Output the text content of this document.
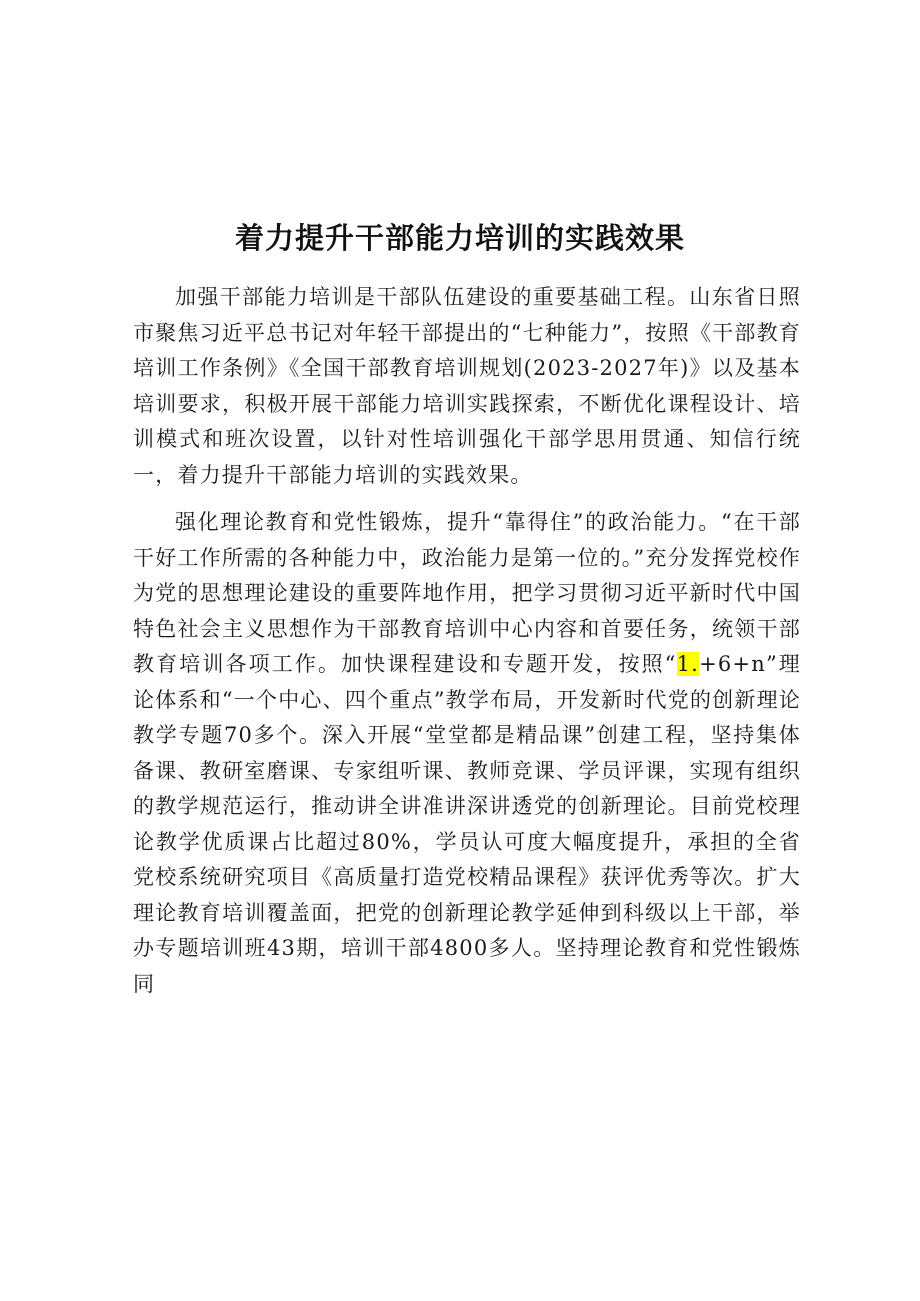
着力提升干部能力培训的实践效果

加强干部能力培训是干部队伍建设的重要基础工程。山东省日照市聚焦习近平总书记对年轻干部提出的“七种能力”，按照《干部教育培训工作条例》《全国干部教育培训规划(2023-2027年)》以及基本培训要求，积极开展干部能力培训实践探索，不断优化课程设计、培训模式和班次设置，以针对性培训强化干部学思用贯通、知信行统一，着力提升干部能力培训的实践效果。

强化理论教育和党性锻炼，提升“靠得住”的政治能力。“在干部干好工作所需的各种能力中，政治能力是第一位的。”充分发挥党校作为党的思想理论建设的重要阵地作用，把学习贯彻习近平新时代中国特色社会主义思想作为干部教育培训中心内容和首要任务，统领干部教育培训各项工作。加快课程建设和专题开发，按照“1.+6+n”理论体系和“一个中心、四个重点”教学布局，开发新时代党的创新理论教学专题70多个。深入开展“堂堂都是精品课”创建工程，坚持集体备课、教研室磨课、专家组听课、教师竞课、学员评课，实现有组织的教学规范运行，推动讲全讲准讲深讲透党的创新理论。目前党校理论教学优质课占比超过80%，学员认可度大幅度提升，承担的全省党校系统研究项目《高质量打造党校精品课程》获评优秀等次。扩大理论教育培训覆盖面，把党的创新理论教学延伸到科级以上干部，举办专题培训班43期，培训干部4800多人。坚持理论教育和党性锻炼同
